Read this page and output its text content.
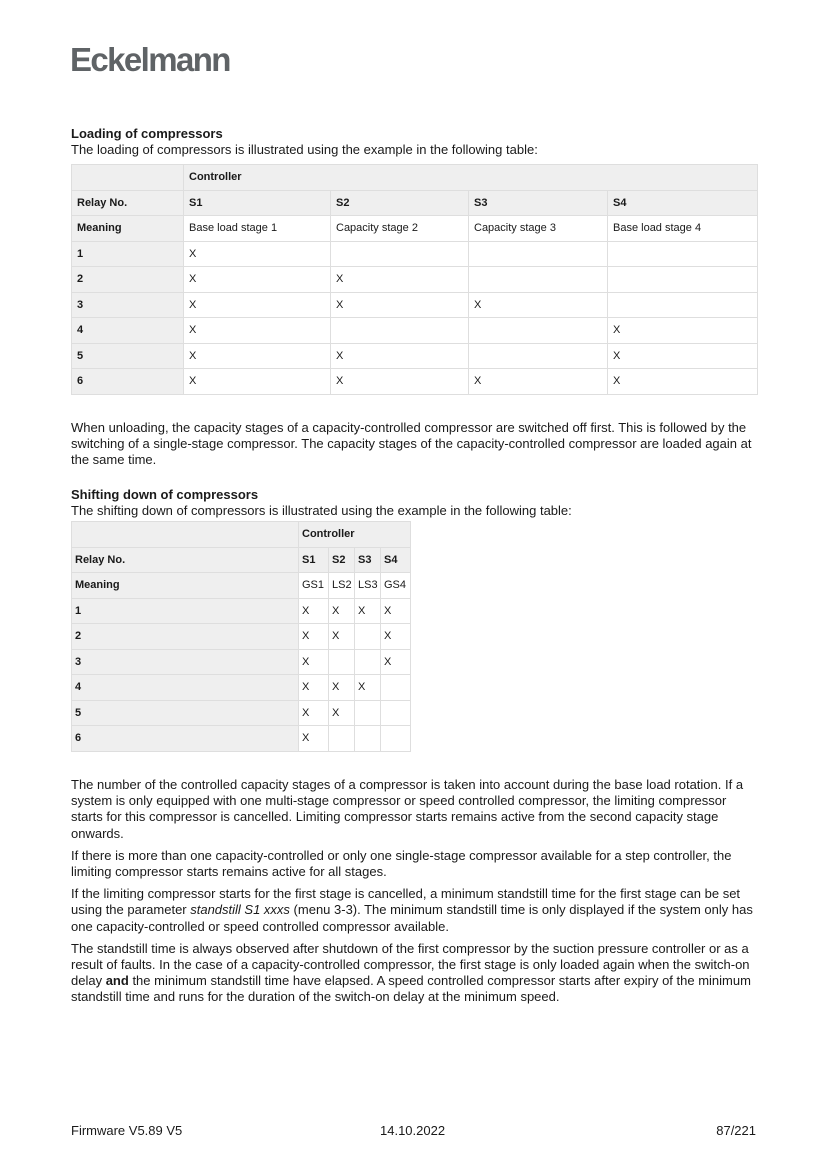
Eckelmann

Loading of compressors

The loading of compressors is illustrated using the example in the following table:

	Controller			
Relay No.	S1	S2	S3	S4
Meaning	Base load stage 1	Capacity stage 2	Capacity stage 3	Base load stage 4
1	X			
2	X	X		
3	X	X	X	
4	X			X
5	X	X		X
6	X	X	X	X

When unloading, the capacity stages of a capacity-controlled compressor are switched off first. This is followed by the switching of a single-stage compressor. The capacity stages of the capacity-controlled compressor are loaded again at the same time.

Shifting down of compressors

The shifting down of compressors is illustrated using the example in the following table:

	Controller			
Relay No.	S1	S2	S3	S4
Meaning	GS1	LS2	LS3	GS4
1	X	X	X	X
2	X	X		X
3	X			X
4	X	X	X	
5	X	X		
6	X			

The number of the controlled capacity stages of a compressor is taken into account during the base load rotation. If a system is only equipped with one multi-stage compressor or speed controlled compressor, the limiting compressor starts for this compressor is cancelled. Limiting compressor starts remains active from the second capacity stage onwards.

If there is more than one capacity-controlled or only one single-stage compressor available for a step controller, the limiting compressor starts remains active for all stages.

If the limiting compressor starts for the first stage is cancelled, a minimum standstill time for the first stage can be set using the parameter standstill S1 xxxs (menu 3-3). The minimum standstill time is only displayed if the system only has one capacity-controlled or speed controlled compressor available.

The standstill time is always observed after shutdown of the first compressor by the suction pressure controller or as a result of faults. In the case of a capacity-controlled compressor, the first stage is only loaded again when the switch-on delay and the minimum standstill time have elapsed. A speed controlled compressor starts after expiry of the minimum standstill time and runs for the duration of the switch-on delay at the minimum speed.

Firmware V5.89 V5	14.10.2022	87/221
